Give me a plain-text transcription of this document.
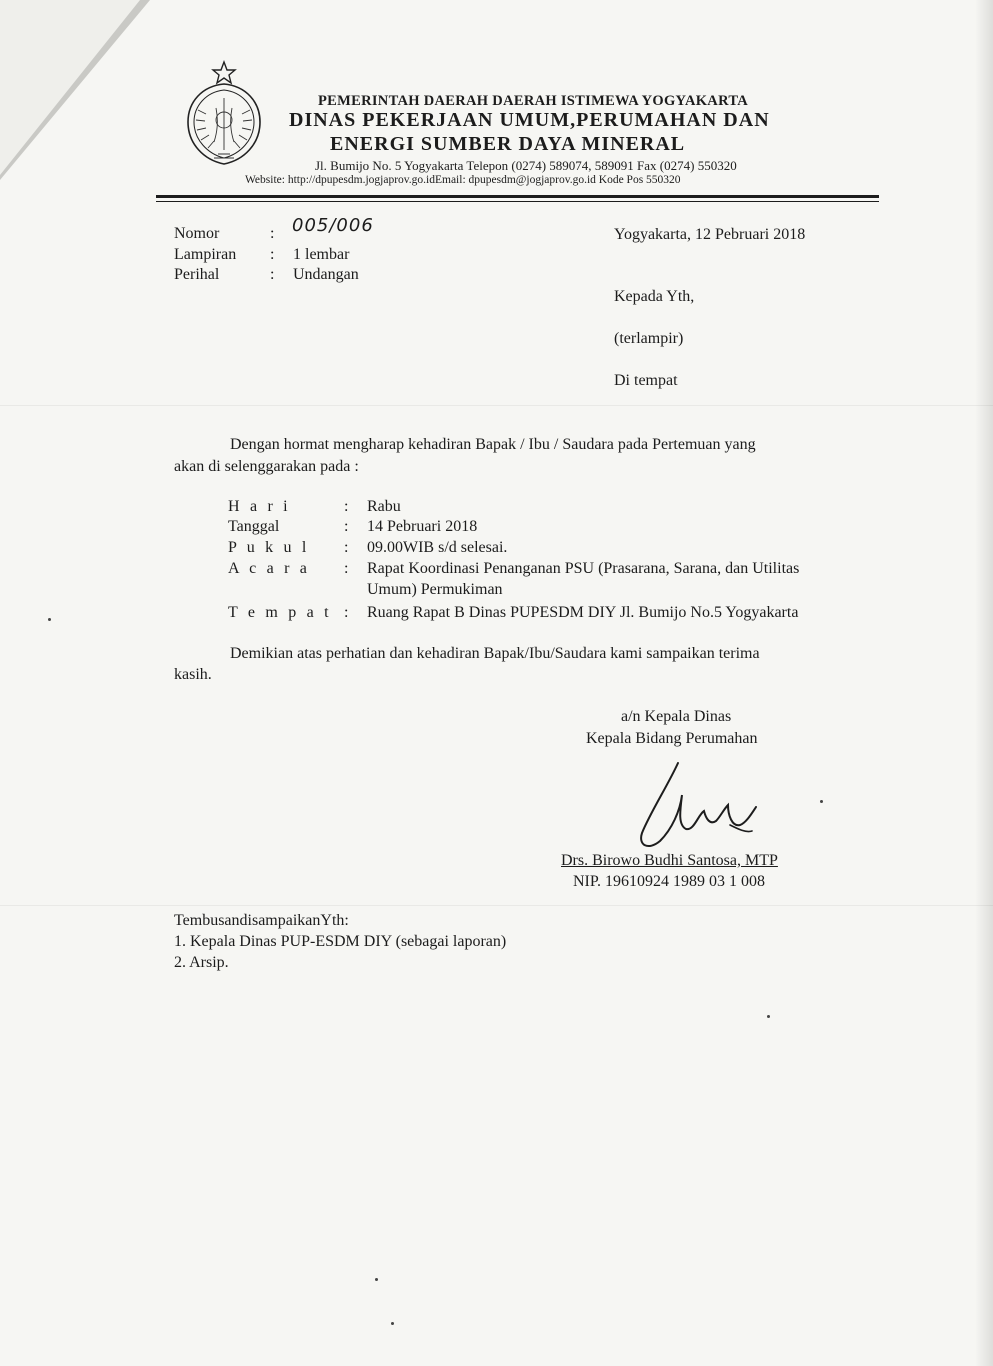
PEMERINTAH DAERAH DAERAH ISTIMEWA YOGYAKARTA
DINAS PEKERJAAN UMUM,PERUMAHAN DAN
ENERGI SUMBER DAYA MINERAL
Jl. Bumijo No. 5 Yogyakarta Telepon (0274) 589074, 589091 Fax (0274) 550320
Website: http://dpupesdm.jogjaprov.go.idEmail: dpupesdm@jogjaprov.go.id Kode Pos 550320
Nomor	: 005/006
Lampiran : 1 lembar
Perihal	: Undangan
Yogyakarta, 12 Pebruari 2018
Kepada Yth,
(terlampir)
Di tempat
Dengan hormat mengharap kehadiran Bapak / Ibu / Saudara pada Pertemuan yang
akan di selenggarakan pada :
H a r i	: Rabu
Tanggal	: 14 Pebruari 2018
P u k u l : 09.00WIB s/d selesai.
A c a r a : Rapat Koordinasi Penanganan PSU (Prasarana, Sarana, dan Utilitas
Umum) Permukiman
T e m p a t : Ruang Rapat B Dinas PUPESDM DIY Jl. Bumijo No.5 Yogyakarta
Demikian atas perhatian dan kehadiran Bapak/Ibu/Saudara kami sampaikan terima
kasih.
a/n Kepala Dinas
Kepala Bidang Perumahan
Drs. Birowo Budhi Santosa, MTP
NIP. 19610924 1989 03 1 008
TembusandisampaikanYth:
1. Kepala Dinas PUP-ESDM DIY (sebagai laporan)
2. Arsip.
